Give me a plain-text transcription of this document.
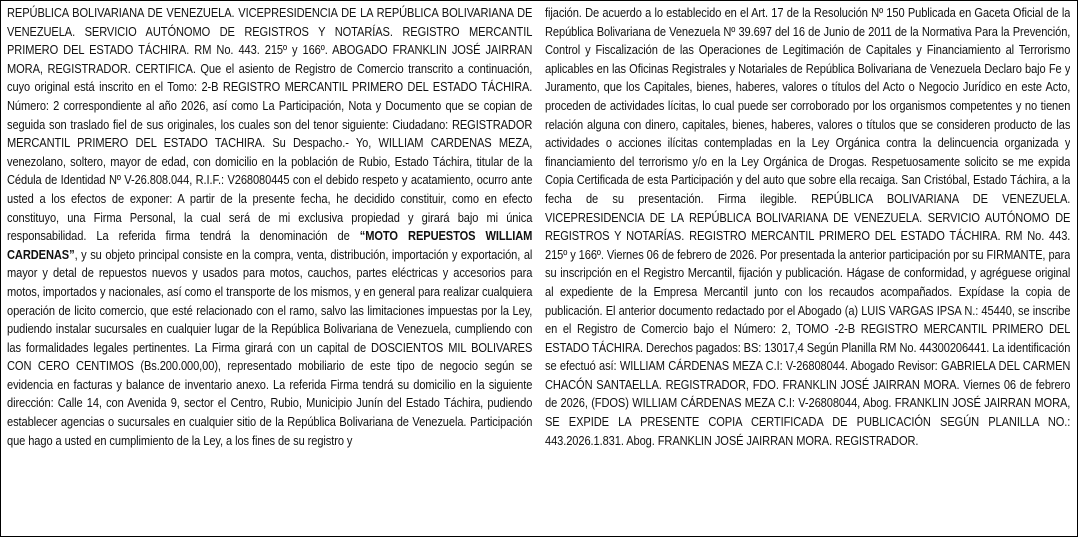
REPÚBLICA BOLIVARIANA DE VENEZUELA. VICEPRESIDENCIA DE LA REPÚBLICA BOLIVARIANA DE VENEZUELA. SERVICIO AUTÓNOMO DE REGISTROS Y NOTARÍAS. REGISTRO MERCANTIL PRIMERO DEL ESTADO TÁCHIRA. RM No. 443. 215º y 166º. ABOGADO FRANKLIN JOSÉ JAIRRAN MORA, REGISTRADOR. CERTIFICA. Que el asiento de Registro de Comercio transcrito a continuación, cuyo original está inscrito en el Tomo: 2-B REGISTRO MERCANTIL PRIMERO DEL ESTADO TÁCHIRA. Número: 2 correspondiente al año 2026, así como La Participación, Nota y Documento que se copian de seguida son traslado fiel de sus originales, los cuales son del tenor siguiente: Ciudadano: REGISTRADOR MERCANTIL PRIMERO DEL ESTADO TACHIRA. Su Despacho.- Yo, WILLIAM CARDENAS MEZA, venezolano, soltero, mayor de edad, con domicilio en la población de Rubio, Estado Táchira, titular de la Cédula de Identidad Nº V-26.808.044, R.I.F.: V268080445 con el debido respeto y acatamiento, ocurro ante usted a los efectos de exponer: A partir de la presente fecha, he decidido constituir, como en efecto constituyo, una Firma Personal, la cual será de mi exclusiva propiedad y girará bajo mi única responsabilidad. La referida firma tendrá la denominación de “MOTO REPUESTOS WILLIAM CARDENAS”, y su objeto principal consiste en la compra, venta, distribución, importación y exportación, al mayor y detal de repuestos nuevos y usados para motos, cauchos, partes eléctricas y accesorios para motos, importados y nacionales, así como el transporte de los mismos, y en general para realizar cualquiera operación de licito comercio, que esté relacionado con el ramo, salvo las limitaciones impuestas por la Ley, pudiendo instalar sucursales en cualquier lugar de la República Bolivariana de Venezuela, cumpliendo con las formalidades legales pertinentes. La Firma girará con un capital de DOSCIENTOS MIL BOLIVARES CON CERO CENTIMOS (Bs.200.000,00), representado mobiliario de este tipo de negocio según se evidencia en facturas y balance de inventario anexo. La referida Firma tendrá su domicilio en la siguiente dirección: Calle 14, con Avenida 9, sector el Centro, Rubio, Municipio Junín del Estado Táchira, pudiendo establecer agencias o sucursales en cualquier sitio de la República Bolivariana de Venezuela. Participación que hago a usted en cumplimiento de la Ley, a los fines de su registro y

fijación. De acuerdo a lo establecido en el Art. 17 de la Resolución Nº 150 Publicada en Gaceta Oficial de la República Bolivariana de Venezuela Nº 39.697 del 16 de Junio de 2011 de la Normativa Para la Prevención, Control y Fiscalización de las Operaciones de Legitimación de Capitales y Financiamiento al Terrorismo aplicables en las Oficinas Registrales y Notariales de República Bolivariana de Venezuela Declaro bajo Fe y Juramento, que los Capitales, bienes, haberes, valores o títulos del Acto o Negocio Jurídico en este Acto, proceden de actividades lícitas, lo cual puede ser corroborado por los organismos competentes y no tienen relación alguna con dinero, capitales, bienes, haberes, valores o títulos que se consideren producto de las actividades o acciones ilícitas contempladas en la Ley Orgánica contra la delincuencia organizada y financiamiento del terrorismo y/o en la Ley Orgánica de Drogas. Respetuosamente solicito se me expida Copia Certificada de esta Participación y del auto que sobre ella recaiga. San Cristóbal, Estado Táchira, a la fecha de su presentación. Firma ilegible. REPÚBLICA BOLIVARIANA DE VENEZUELA. VICEPRESIDENCIA DE LA REPÚBLICA BOLIVARIANA DE VENEZUELA. SERVICIO AUTÓNOMO DE REGISTROS Y NOTARÍAS. REGISTRO MERCANTIL PRIMERO DEL ESTADO TÁCHIRA. RM No. 443. 215º y 166º. Viernes 06 de febrero de 2026. Por presentada la anterior participación por su FIRMANTE, para su inscripción en el Registro Mercantil, fijación y publicación. Hágase de conformidad, y agréguese original al expediente de la Empresa Mercantil junto con los recaudos acompañados. Expídase la copia de publicación. El anterior documento redactado por el Abogado (a) LUIS VARGAS IPSA N.: 45440, se inscribe en el Registro de Comercio bajo el Número: 2, TOMO -2-B REGISTRO MERCANTIL PRIMERO DEL ESTADO TÁCHIRA. Derechos pagados: BS: 13017,4 Según Planilla RM No. 44300206441. La identificación se efectuó así: WILLIAM CÁRDENAS MEZA C.I: V-26808044. Abogado Revisor: GABRIELA DEL CARMEN CHACÓN SANTAELLA. REGISTRADOR, FDO. FRANKLIN JOSÉ JAIRRAN MORA. Viernes 06 de febrero de 2026, (FDOS) WILLIAM CÁRDENAS MEZA C.I: V-26808044, Abog. FRANKLIN JOSÉ JAIRRAN MORA, SE EXPIDE LA PRESENTE COPIA CERTIFICADA DE PUBLICACIÓN SEGÚN PLANILLA NO.: 443.2026.1.831. Abog. FRANKLIN JOSÉ JAIRRAN MORA. REGISTRADOR.
